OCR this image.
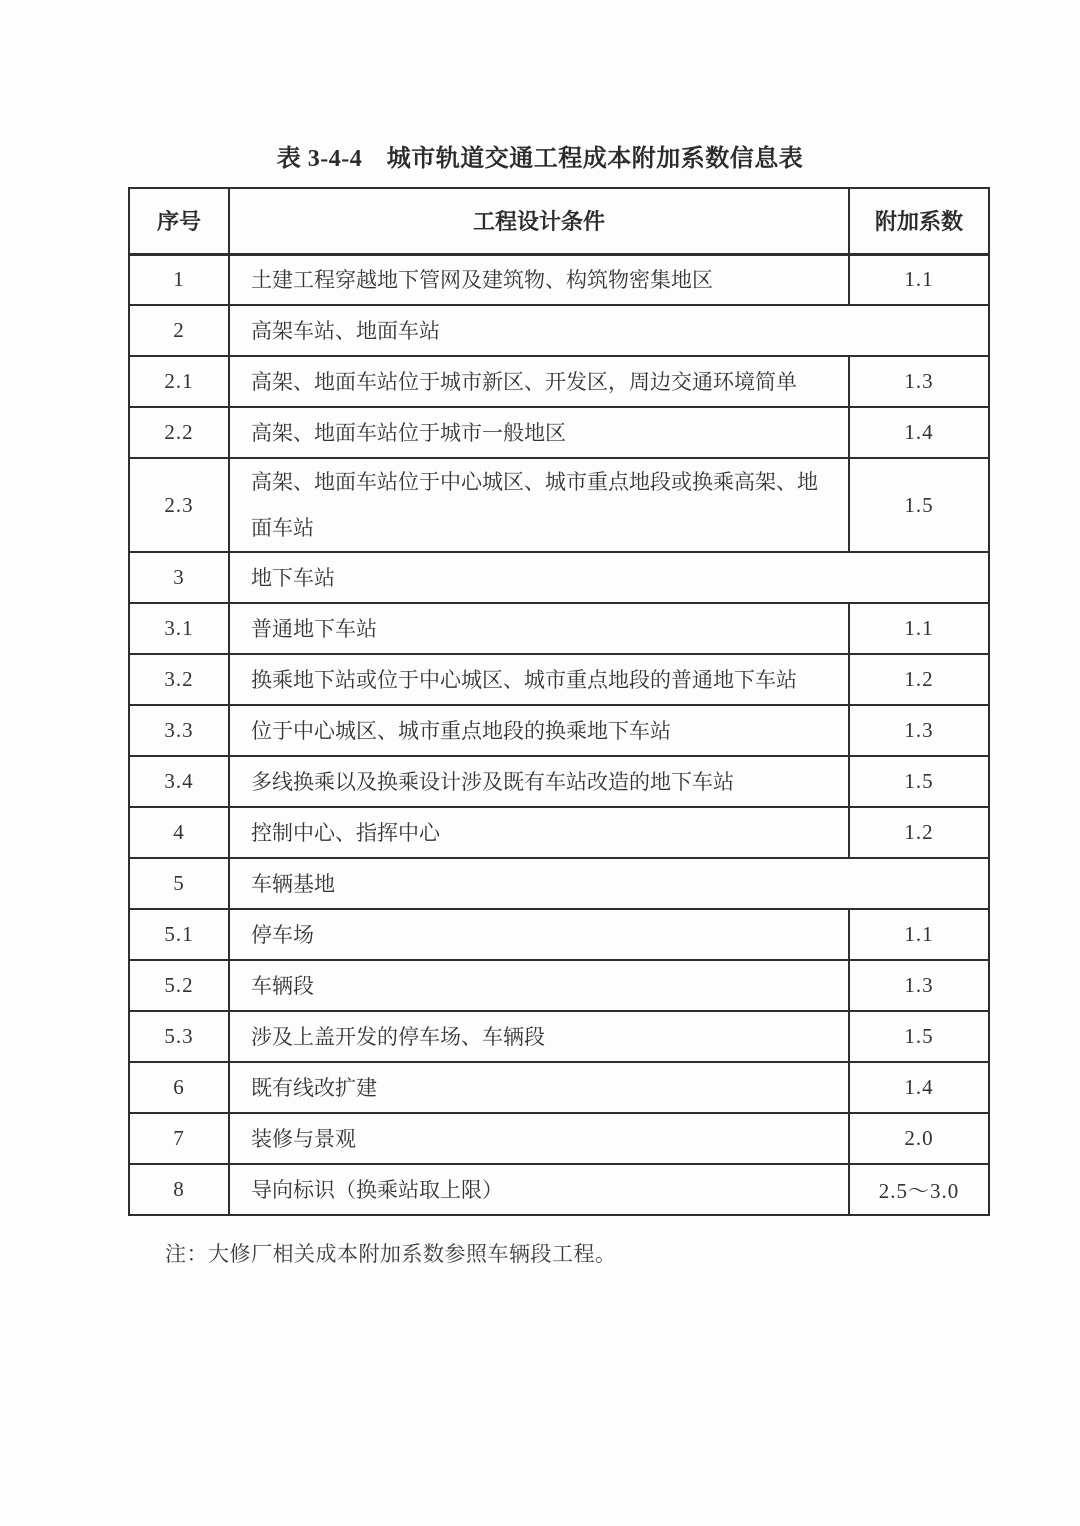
表 3-4-4　城市轨道交通工程成本附加系数信息表
序号	工程设计条件	附加系数
1	土建工程穿越地下管网及建筑物、构筑物密集地区	1.1
2	高架车站、地面车站	
2.1	高架、地面车站位于城市新区、开发区，周边交通环境简单	1.3
2.2	高架、地面车站位于城市一般地区	1.4
2.3	高架、地面车站位于中心城区、城市重点地段或换乘高架、地面车站	1.5
3	地下车站	
3.1	普通地下车站	1.1
3.2	换乘地下站或位于中心城区、城市重点地段的普通地下车站	1.2
3.3	位于中心城区、城市重点地段的换乘地下车站	1.3
3.4	多线换乘以及换乘设计涉及既有车站改造的地下车站	1.5
4	控制中心、指挥中心	1.2
5	车辆基地	
5.1	停车场	1.1
5.2	车辆段	1.3
5.3	涉及上盖开发的停车场、车辆段	1.5
6	既有线改扩建	1.4
7	装修与景观	2.0
8	导向标识（换乘站取上限）	2.5～3.0
注：大修厂相关成本附加系数参照车辆段工程。
